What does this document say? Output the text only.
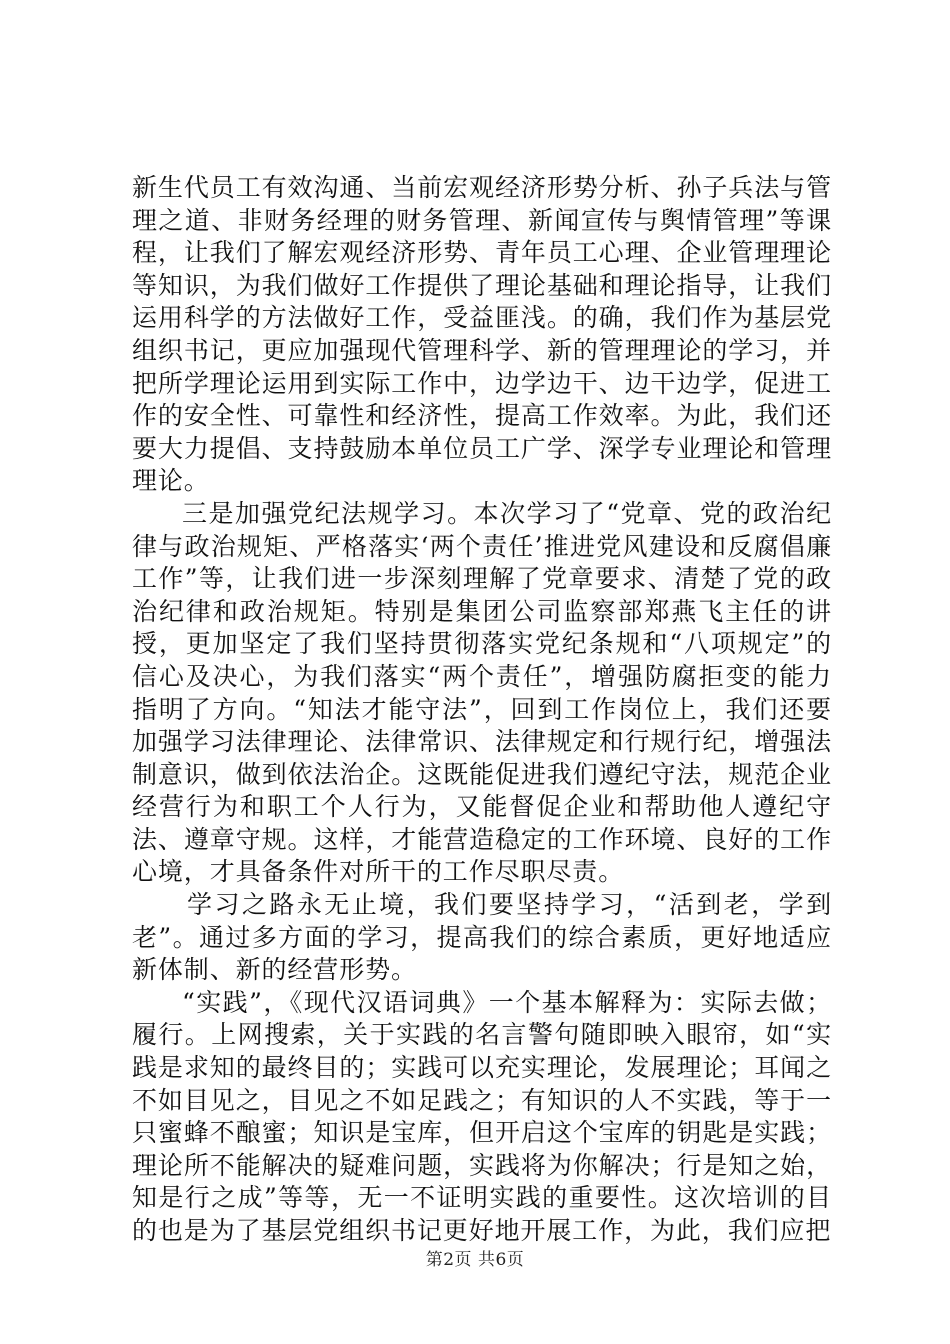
新生代员工有效沟通、当前宏观经济形势分析、孙子兵法与管理之道、非财务经理的财务管理、新闻宣传与舆情管理”等课程，让我们了解宏观经济形势、青年员工心理、企业管理理论等知识，为我们做好工作提供了理论基础和理论指导，让我们运用科学的方法做好工作，受益匪浅。的确，我们作为基层党组织书记，更应加强现代管理科学、新的管理理论的学习，并把所学理论运用到实际工作中，边学边干、边干边学，促进工作的安全性、可靠性和经济性，提高工作效率。为此，我们还要大力提倡、支持鼓励本单位员工广学、深学专业理论和管理理论。

三是加强党纪法规学习。本次学习了“党章、党的政治纪律与政治规矩、严格落实‘两个责任’推进党风建设和反腐倡廉工作”等，让我们进一步深刻理解了党章要求、清楚了党的政治纪律和政治规矩。特别是集团公司监察部郑燕飞主任的讲授，更加坚定了我们坚持贯彻落实党纪条规和“八项规定”的信心及决心，为我们落实“两个责任”，增强防腐拒变的能力指明了方向。“知法才能守法”，回到工作岗位上，我们还要加强学习法律理论、法律常识、法律规定和行规行纪，增强法制意识，做到依法治企。这既能促进我们遵纪守法，规范企业经营行为和职工个人行为，又能督促企业和帮助他人遵纪守法、遵章守规。这样，才能营造稳定的工作环境、良好的工作心境，才具备条件对所干的工作尽职尽责。

学习之路永无止境，我们要坚持学习，“活到老，学到老”。通过多方面的学习，提高我们的综合素质，更好地适应新体制、新的经营形势。

“实践”，《现代汉语词典》一个基本解释为：实际去做；履行。上网搜索，关于实践的名言警句随即映入眼帘，如“实践是求知的最终目的；实践可以充实理论，发展理论；耳闻之不如目见之，目见之不如足践之；有知识的人不实践，等于一只蜜蜂不酿蜜；知识是宝库，但开启这个宝库的钥匙是实践；理论所不能解决的疑难问题，实践将为你解决；行是知之始，知是行之成”等等，无一不证明实践的重要性。这次培训的目的也是为了基层党组织书记更好地开展工作，为此，我们应把

第2页 共6页
